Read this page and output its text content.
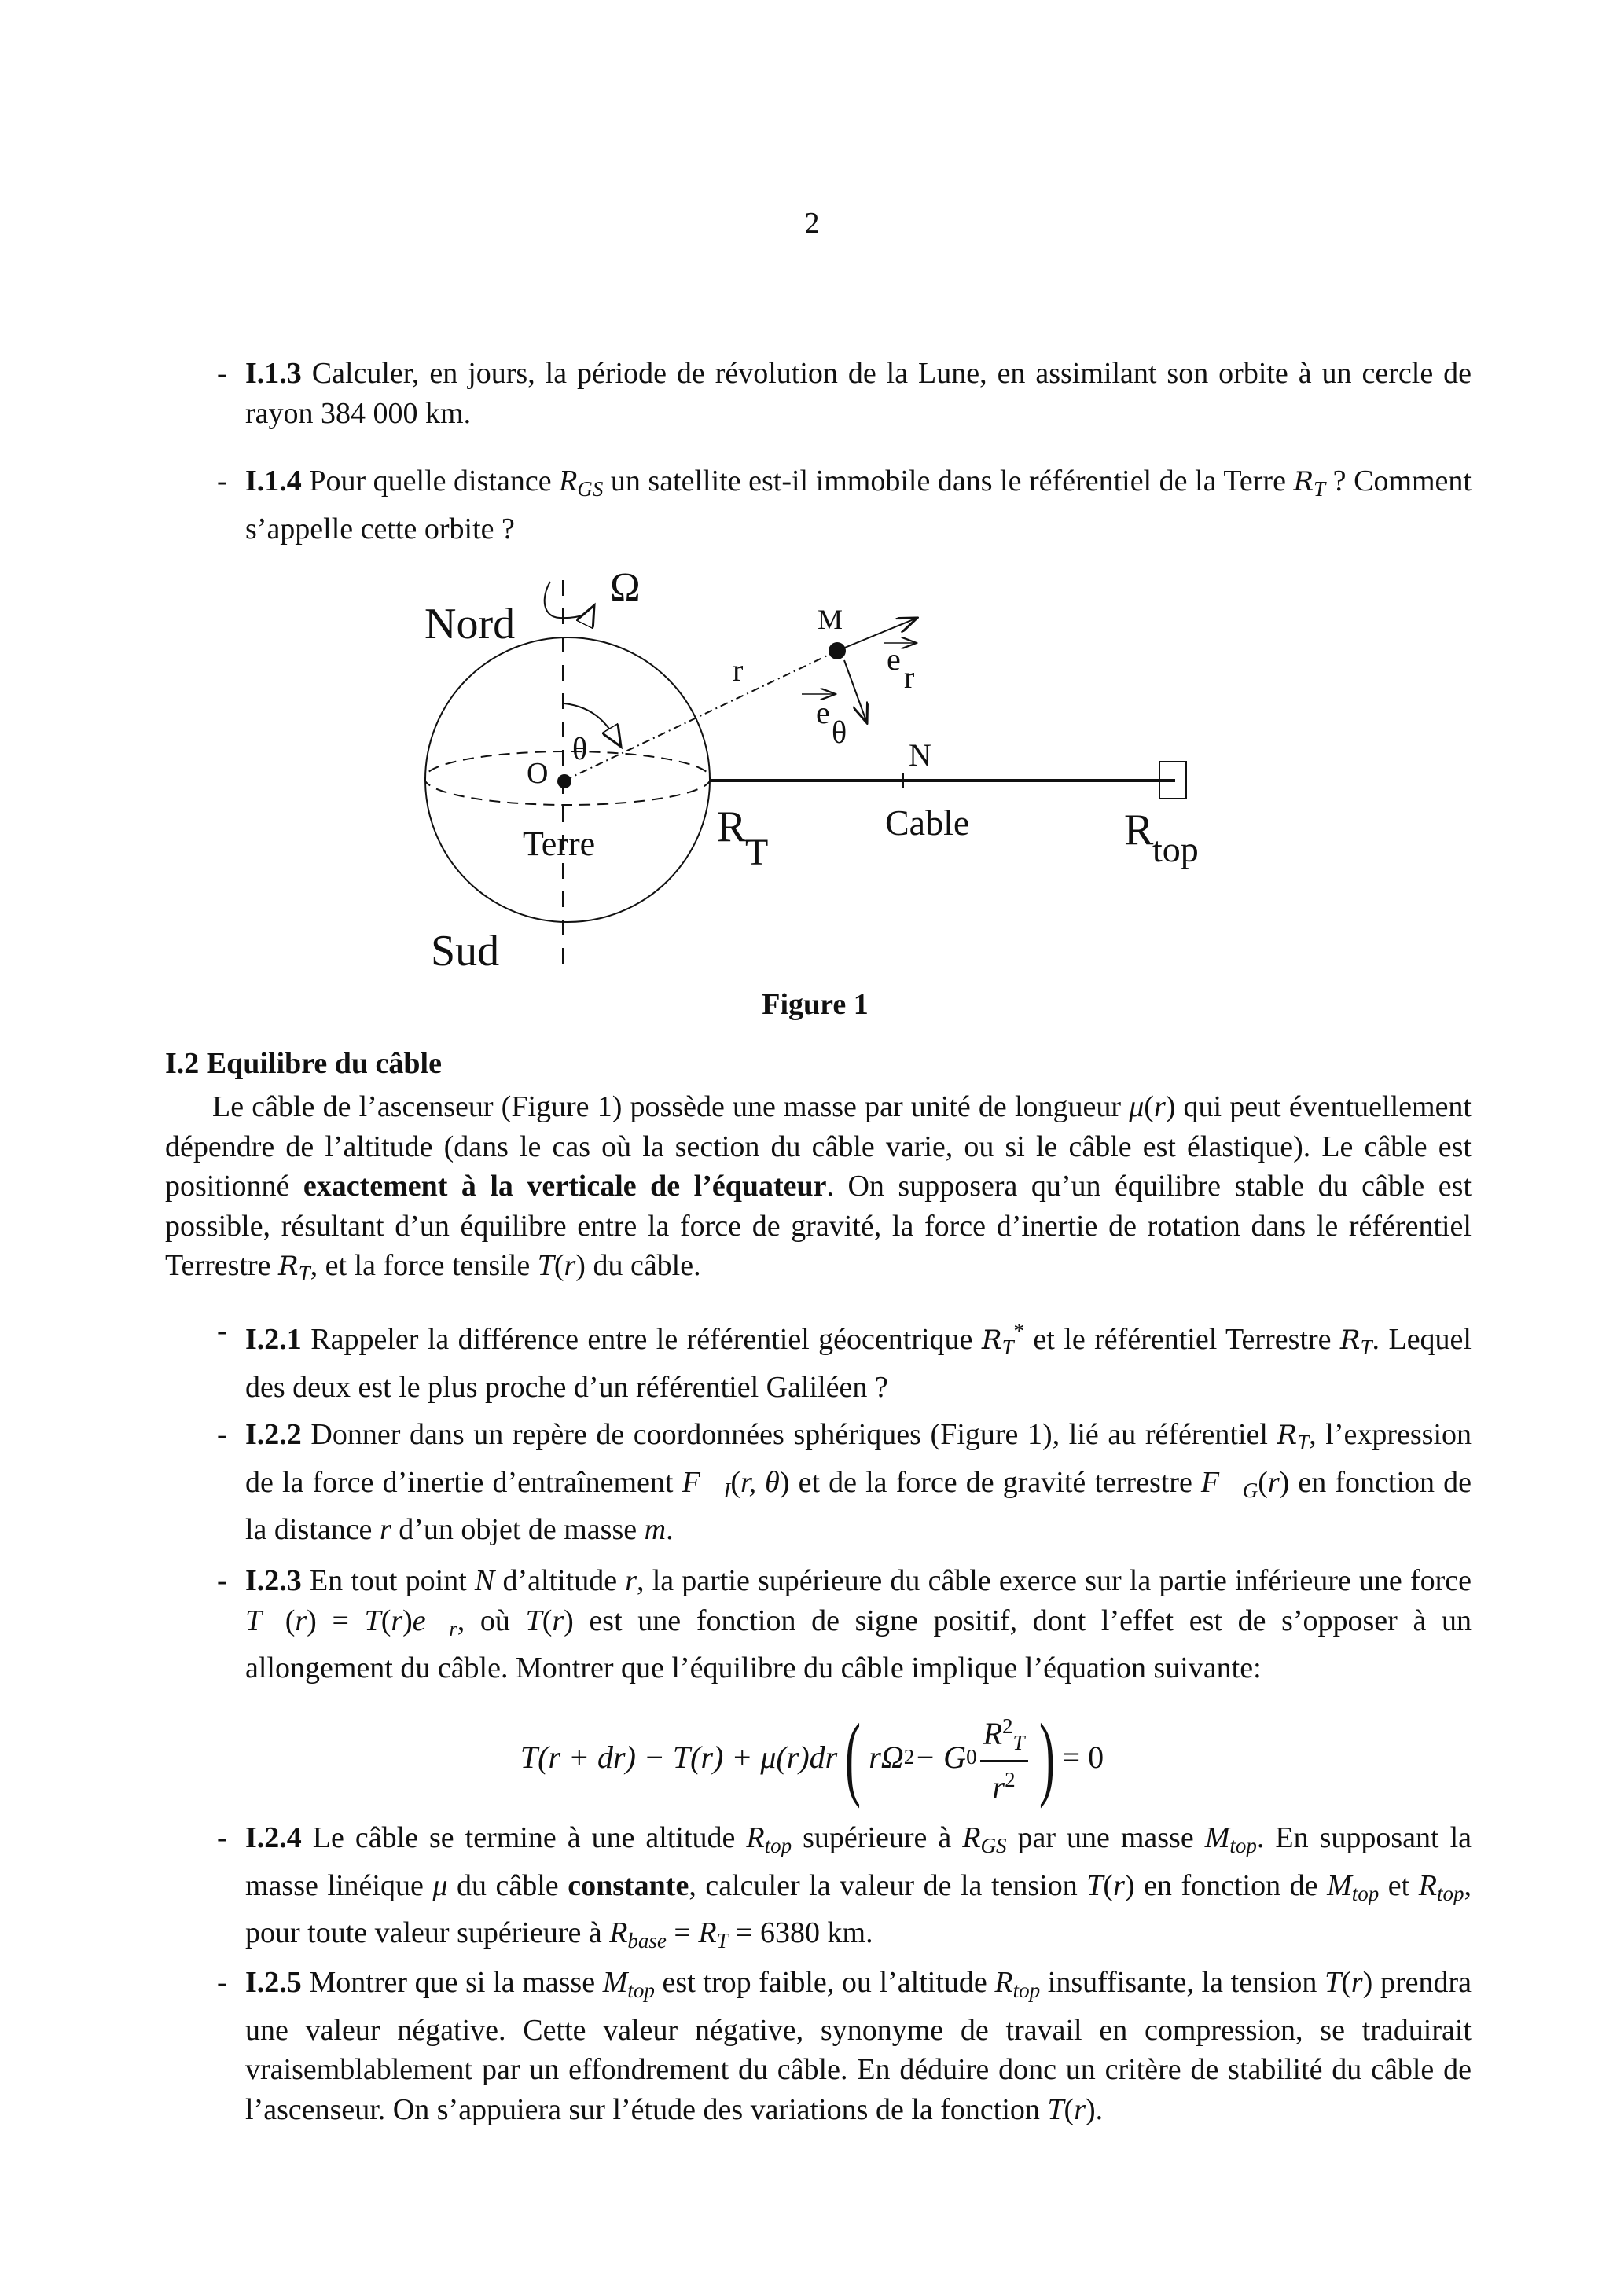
2
- I.1.3 Calculer, en jours, la période de révolution de la Lune, en assimilant son orbite à un cercle de rayon 384 000 km.
- I.1.4 Pour quelle distance RGS un satellite est-il immobile dans le référentiel de la Terre RT ? Comment s’appelle cette orbite ?
Nord
Ω
M
r	e
r
e
θ
θ
O
N
Terre	R
T
Cable	R
top
Sud
Figure 1
I.2 Equilibre du câble
Le câble de l’ascenseur (Figure 1) possède une masse par unité de longueur μ(r) qui peut éventuellement dépendre de l’altitude (dans le cas où la section du câble varie, ou si le câble est élastique). Le câble est positionné exactement à la verticale de l’équateur. On supposera qu’un équilibre stable du câble est possible, résultant d’un équilibre entre la force de gravité, la force d’inertie de rotation dans le référentiel Terrestre RT, et la force tensile T(r) du câble.
- I.2.1 Rappeler la différence entre le référentiel géocentrique RT* et le référentiel Terrestre RT. Lequel des deux est le plus proche d’un référentiel Galiléen ?
- I.2.2 Donner dans un repère de coordonnées sphériques (Figure 1), lié au référentiel RT, l’expression de la force d’inertie d’entraînement F⃗I(r, θ) et de la force de gravité terrestre F⃗G(r) en fonction de la distance r d’un objet de masse m.
- I.2.3 En tout point N d’altitude r, la partie supérieure du câble exerce sur la partie inférieure une force T⃗(r) = T(r)e⃗r, où T(r) est une fonction de signe positif, dont l’effet est de s’opposer à un allongement du câble. Montrer que l’équilibre du câble implique l’équation suivante:
T(r + dr) − T(r) + μ(r)dr ( rΩ 2 − G $0 \frac{R^2T}{r^2}$ ) = 0
- I.2.4 Le câble se termine à une altitude Rtop supérieure à RGS par une masse Mtop. En supposant la masse linéique μ du câble constante, calculer la valeur de la tension T(r) en fonction de Mtop et Rtop, pour toute valeur supérieure à Rbase = RT = 6380 km.
- I.2.5 Montrer que si la masse Mtop est trop faible, ou l’altitude Rtop insuffisante, la tension T(r) prendra une valeur négative. Cette valeur négative, synonyme de travail en compression, se traduirait vraisemblablement par un effondrement du câble. En déduire donc un critère de stabilité du câble de l’ascenseur. On s’appuiera sur l’étude des variations de la fonction T(r).
